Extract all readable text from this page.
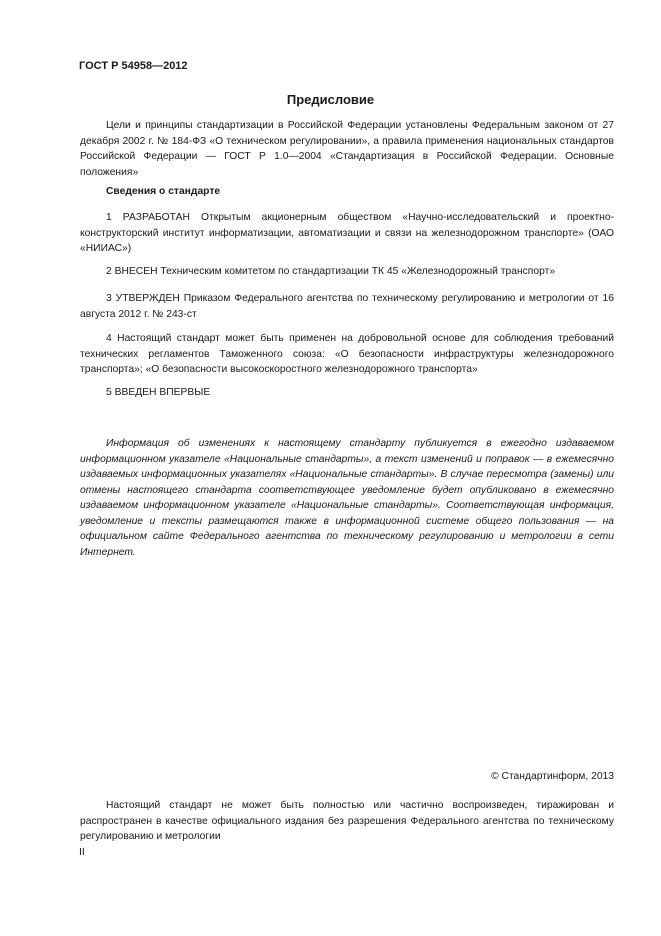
ГОСТ Р 54958—2012
Предисловие

Цели и принципы стандартизации в Российской Федерации установлены Федеральным законом от 27 декабря 2002 г. № 184-ФЗ «О техническом регулировании», а правила применения национальных стандартов Российской Федерации — ГОСТ Р 1.0—2004 «Стандартизация в Российской Федерации. Основные положения»

Сведения о стандарте

1 РАЗРАБОТАН Открытым акционерным обществом «Научно-исследовательский и проектно-конструкторский институт информатизации, автоматизации и связи на железнодорожном транспорте» (ОАО «НИИАС»)

2 ВНЕСЕН Техническим комитетом по стандартизации ТК 45 «Железнодорожный транспорт»

3 УТВЕРЖДЕН Приказом Федерального агентства по техническому регулированию и метрологии от 16 августа 2012 г. № 243-ст

4 Настоящий стандарт может быть применен на добровольной основе для соблюдения требований технических регламентов Таможенного союза: «О безопасности инфраструктуры железнодорожного транспорта»; «О безопасности высокоскоростного железнодорожного транспорта»

5 ВВЕДЕН ВПЕРВЫЕ

Информация об изменениях к настоящему стандарту публикуется в ежегодно издаваемом информационном указателе «Национальные стандарты», а текст изменений и поправок — в ежемесячно издаваемых информационных указателях «Национальные стандарты». В случае пересмотра (замены) или отмены настоящего стандарта соответствующее уведомление будет опубликовано в ежемесячно издаваемом информационном указателе «Национальные стандарты». Соответствующая информация, уведомление и тексты размещаются также в информационной системе общего пользования — на официальном сайте Федерального агентства по техническому регулированию и метрологии в сети Интернет.

© Стандартинформ, 2013

Настоящий стандарт не может быть полностью или частично воспроизведен, тиражирован и распространен в качестве официального издания без разрешения Федерального агентства по техническому регулированию и метрологии

II
